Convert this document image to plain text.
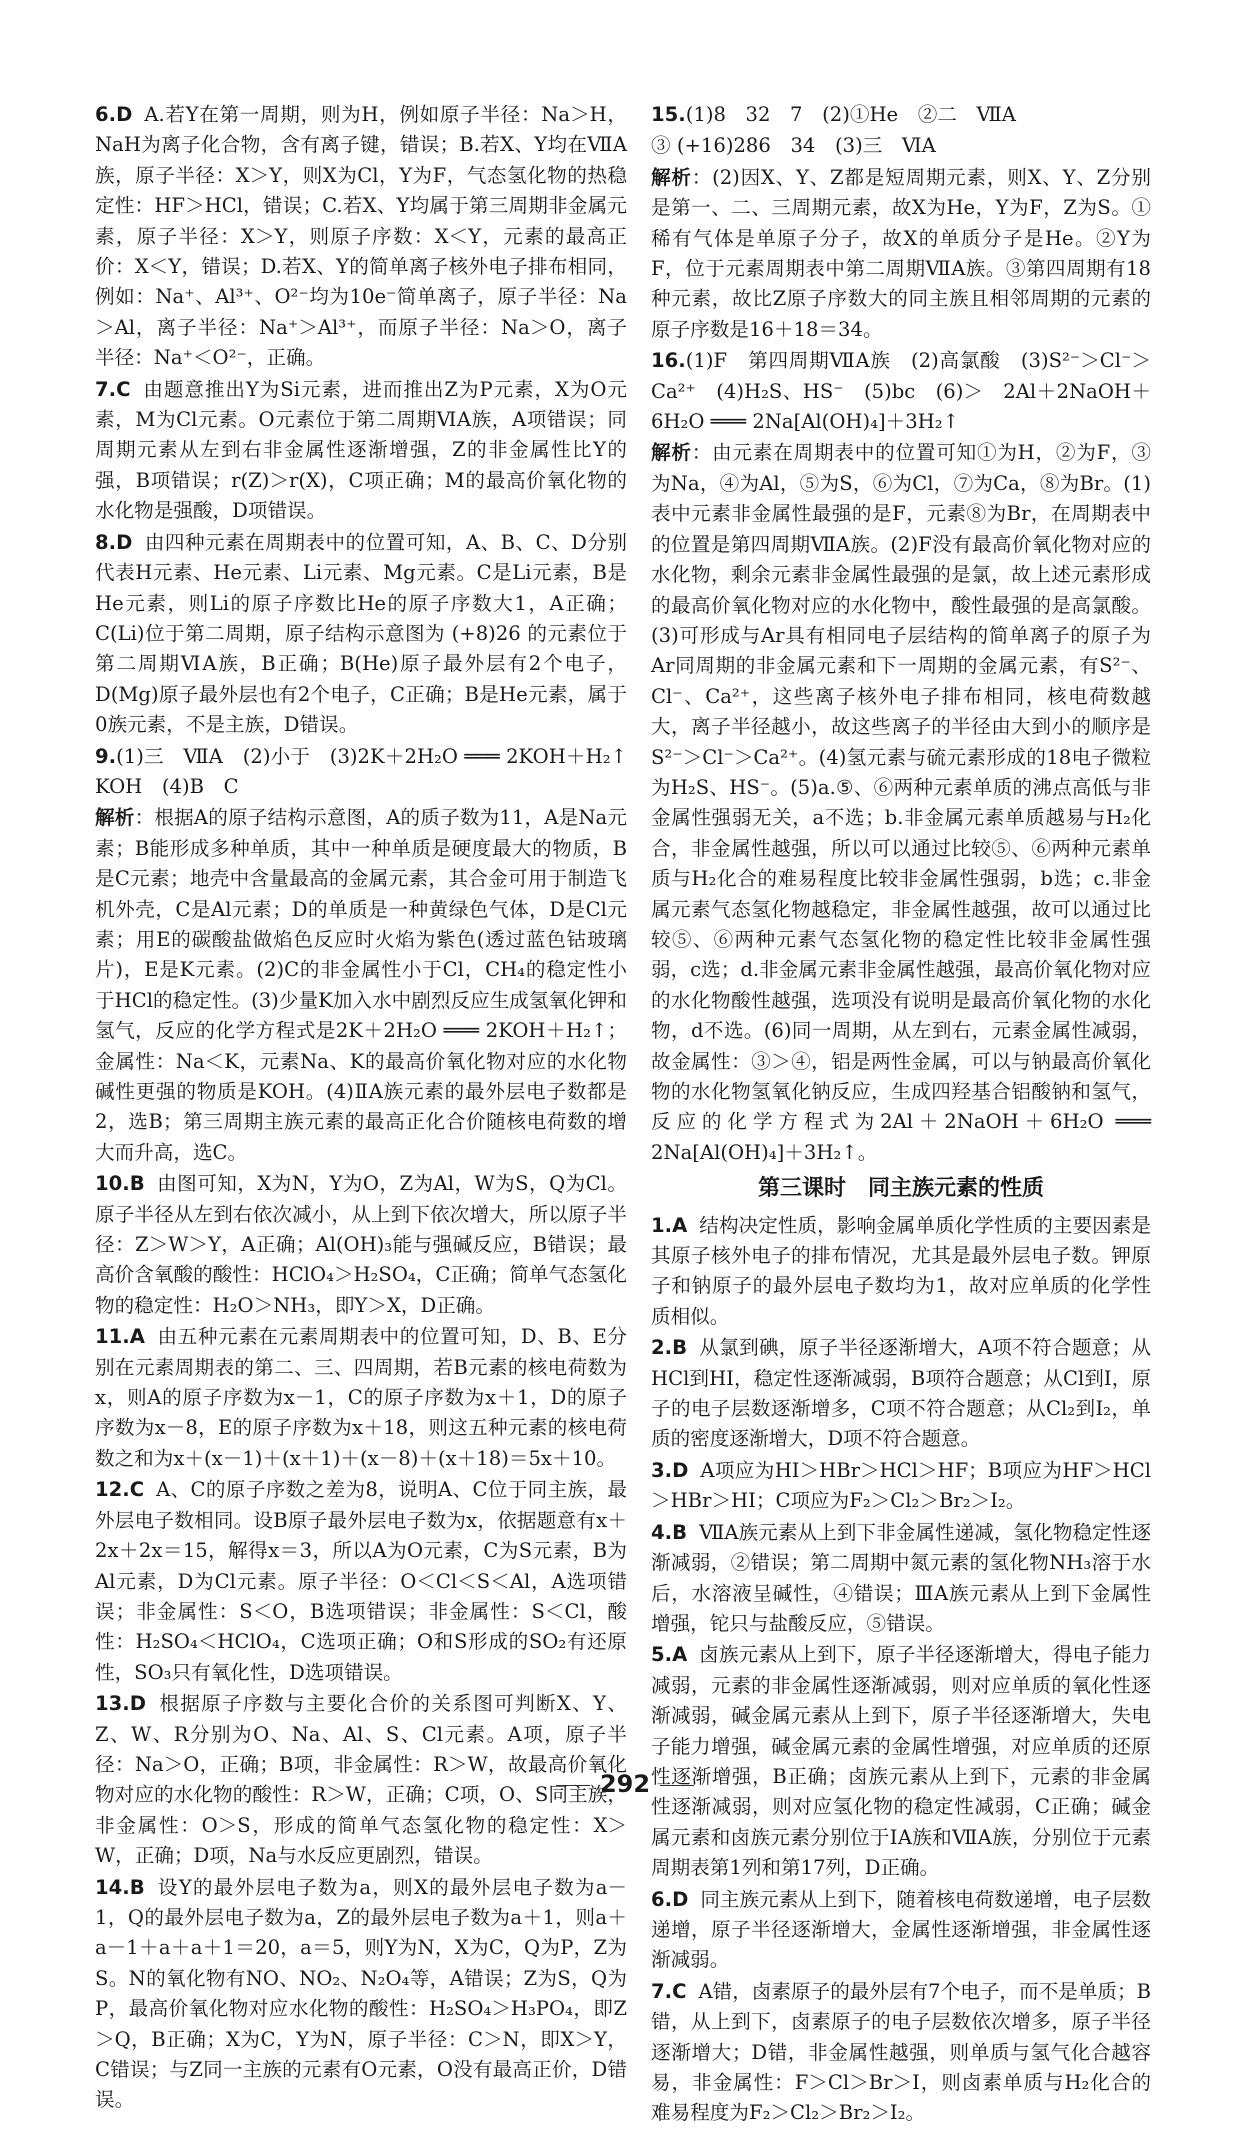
6.D A.若Y在第一周期，则为H，例如原子半径：Na＞H，NaH为离子化合物，含有离子键，错误；B.若X、Y均在ⅦA族，原子半径：X＞Y，则X为Cl，Y为F，气态氢化物的热稳定性：HF＞HCl，错误；C.若X、Y均属于第三周期非金属元素，原子半径：X＞Y，则原子序数：X＜Y，元素的最高正价：X＜Y，错误；D.若X、Y的简单离子核外电子排布相同，例如：Na⁺、Al³⁺、O²⁻均为10e⁻简单离子，原子半径：Na＞Al，离子半径：Na⁺＞Al³⁺，而原子半径：Na＞O，离子半径：Na⁺＜O²⁻，正确。
7.C 由题意推出Y为Si元素，进而推出Z为P元素，X为O元素，M为Cl元素。O元素位于第二周期ⅥA族，A项错误；同周期元素从左到右非金属性逐渐增强，Z的非金属性比Y的强，B项错误；r(Z)＞r(X)，C项正确；M的最高价氧化物的水化物是强酸，D项错误。
8.D 由四种元素在周期表中的位置可知，A、B、C、D分别代表H元素、He元素、Li元素、Mg元素。C是Li元素，B是He元素，则Li的原子序数比He的原子序数大1，A正确；C(Li)位于第二周期，原子结构示意图为 (+8)26 的元素位于第二周期ⅥA族，B正确；B(He)原子最外层有2个电子，D(Mg)原子最外层也有2个电子，C正确；B是He元素，属于0族元素，不是主族，D错误。
9.(1)三　ⅦA　(2)小于　(3)2K＋2H₂O ═══ 2KOH＋H₂↑　KOH　(4)B　C
解析：根据A的原子结构示意图，A的质子数为11，A是Na元素；B能形成多种单质，其中一种单质是硬度最大的物质，B是C元素；地壳中含量最高的金属元素，其合金可用于制造飞机外壳，C是Al元素；D的单质是一种黄绿色气体，D是Cl元素；用E的碳酸盐做焰色反应时火焰为紫色(透过蓝色钴玻璃片)，E是K元素。(2)C的非金属性小于Cl，CH₄的稳定性小于HCl的稳定性。(3)少量K加入水中剧烈反应生成氢氧化钾和氢气，反应的化学方程式是2K＋2H₂O ═══ 2KOH＋H₂↑；金属性：Na＜K，元素Na、K的最高价氧化物对应的水化物碱性更强的物质是KOH。(4)ⅡA族元素的最外层电子数都是2，选B；第三周期主族元素的最高正化合价随核电荷数的增大而升高，选C。
10.B 由图可知，X为N，Y为O，Z为Al，W为S，Q为Cl。原子半径从左到右依次减小，从上到下依次增大，所以原子半径：Z＞W＞Y，A正确；Al(OH)₃能与强碱反应，B错误；最高价含氧酸的酸性：HClO₄＞H₂SO₄，C正确；简单气态氢化物的稳定性：H₂O＞NH₃，即Y＞X，D正确。
11.A 由五种元素在元素周期表中的位置可知，D、B、E分别在元素周期表的第二、三、四周期，若B元素的核电荷数为x，则A的原子序数为x－1，C的原子序数为x＋1，D的原子序数为x－8，E的原子序数为x＋18，则这五种元素的核电荷数之和为x＋(x－1)＋(x＋1)＋(x－8)＋(x＋18)＝5x＋10。
12.C A、C的原子序数之差为8，说明A、C位于同主族，最外层电子数相同。设B原子最外层电子数为x，依据题意有x＋2x＋2x＝15，解得x＝3，所以A为O元素，C为S元素，B为Al元素，D为Cl元素。原子半径：O＜Cl＜S＜Al，A选项错误；非金属性：S＜O，B选项错误；非金属性：S＜Cl，酸性：H₂SO₄＜HClO₄，C选项正确；O和S形成的SO₂有还原性，SO₃只有氧化性，D选项错误。
13.D 根据原子序数与主要化合价的关系图可判断X、Y、Z、W、R分别为O、Na、Al、S、Cl元素。A项，原子半径：Na＞O，正确；B项，非金属性：R＞W，故最高价氧化物对应的水化物的酸性：R＞W，正确；C项，O、S同主族，非金属性：O＞S，形成的简单气态氢化物的稳定性：X＞W，正确；D项，Na与水反应更剧烈，错误。
14.B 设Y的最外层电子数为a，则X的最外层电子数为a－1，Q的最外层电子数为a，Z的最外层电子数为a＋1，则a＋a－1＋a＋a＋1＝20，a＝5，则Y为N，X为C，Q为P，Z为S。N的氧化物有NO、NO₂、N₂O₄等，A错误；Z为S，Q为P，最高价氧化物对应水化物的酸性：H₂SO₄＞H₃PO₄，即Z＞Q，B正确；X为C，Y为N，原子半径：C＞N，即X＞Y，C错误；与Z同一主族的元素有O元素，O没有最高正价，D错误。
15.(1)8　32　7　(2)①He　②二　ⅦA
③ (+16)286　34　(3)三　ⅥA
解析：(2)因X、Y、Z都是短周期元素，则X、Y、Z分别是第一、二、三周期元素，故X为He，Y为F，Z为S。①稀有气体是单原子分子，故X的单质分子是He。②Y为F，位于元素周期表中第二周期ⅦA族。③第四周期有18种元素，故比Z原子序数大的同主族且相邻周期的元素的原子序数是16＋18＝34。
16.(1)F　第四周期ⅦA族　(2)高氯酸　(3)S²⁻＞Cl⁻＞Ca²⁺　(4)H₂S、HS⁻　(5)bc　(6)＞　2Al＋2NaOH＋6H₂O ═══ 2Na[Al(OH)₄]＋3H₂↑
解析：由元素在周期表中的位置可知①为H，②为F，③为Na，④为Al，⑤为S，⑥为Cl，⑦为Ca，⑧为Br。(1)表中元素非金属性最强的是F，元素⑧为Br，在周期表中的位置是第四周期ⅦA族。(2)F没有最高价氧化物对应的水化物，剩余元素非金属性最强的是氯，故上述元素形成的最高价氧化物对应的水化物中，酸性最强的是高氯酸。(3)可形成与Ar具有相同电子层结构的简单离子的原子为Ar同周期的非金属元素和下一周期的金属元素，有S²⁻、Cl⁻、Ca²⁺，这些离子核外电子排布相同，核电荷数越大，离子半径越小，故这些离子的半径由大到小的顺序是S²⁻＞Cl⁻＞Ca²⁺。(4)氢元素与硫元素形成的18电子微粒为H₂S、HS⁻。(5)a.⑤、⑥两种元素单质的沸点高低与非金属性强弱无关，a不选；b.非金属元素单质越易与H₂化合，非金属性越强，所以可以通过比较⑤、⑥两种元素单质与H₂化合的难易程度比较非金属性强弱，b选；c.非金属元素气态氢化物越稳定，非金属性越强，故可以通过比较⑤、⑥两种元素气态氢化物的稳定性比较非金属性强弱，c选；d.非金属元素非金属性越强，最高价氧化物对应的水化物酸性越强，选项没有说明是最高价氧化物的水化物，d不选。(6)同一周期，从左到右，元素金属性减弱，故金属性：③＞④，铝是两性金属，可以与钠最高价氧化物的水化物氢氧化钠反应，生成四羟基合铝酸钠和氢气，反应的化学方程式为2Al＋2NaOH＋6H₂O ═══ 2Na[Al(OH)₄]＋3H₂↑。
第三课时　同主族元素的性质
1.A 结构决定性质，影响金属单质化学性质的主要因素是其原子核外电子的排布情况，尤其是最外层电子数。钾原子和钠原子的最外层电子数均为1，故对应单质的化学性质相似。
2.B 从氯到碘，原子半径逐渐增大，A项不符合题意；从HCl到HI，稳定性逐渐减弱，B项符合题意；从Cl到I，原子的电子层数逐渐增多，C项不符合题意；从Cl₂到I₂，单质的密度逐渐增大，D项不符合题意。
3.D A项应为HI＞HBr＞HCl＞HF；B项应为HF＞HCl＞HBr＞HI；C项应为F₂＞Cl₂＞Br₂＞I₂。
4.B ⅦA族元素从上到下非金属性递减，氢化物稳定性逐渐减弱，②错误；第二周期中氮元素的氢化物NH₃溶于水后，水溶液呈碱性，④错误；ⅢA族元素从上到下金属性增强，铊只与盐酸反应，⑤错误。
5.A 卤族元素从上到下，原子半径逐渐增大，得电子能力减弱，元素的非金属性逐渐减弱，则对应单质的氧化性逐渐减弱，碱金属元素从上到下，原子半径逐渐增大，失电子能力增强，碱金属元素的金属性增强，对应单质的还原性逐渐增强，B正确；卤族元素从上到下，元素的非金属性逐渐减弱，则对应氢化物的稳定性减弱，C正确；碱金属元素和卤族元素分别位于ⅠA族和ⅦA族，分别位于元素周期表第1列和第17列，D正确。
6.D 同主族元素从上到下，随着核电荷数递增，电子层数递增，原子半径逐渐增大，金属性逐渐增强，非金属性逐渐减弱。
7.C A错，卤素原子的最外层有7个电子，而不是单质；B错，从上到下，卤素原子的电子层数依次增多，原子半径逐渐增大；D错，非金属性越强，则单质与氢气化合越容易，非金属性：F＞Cl＞Br＞I，则卤素单质与H₂化合的难易程度为F₂＞Cl₂＞Br₂＞I₂。
292
